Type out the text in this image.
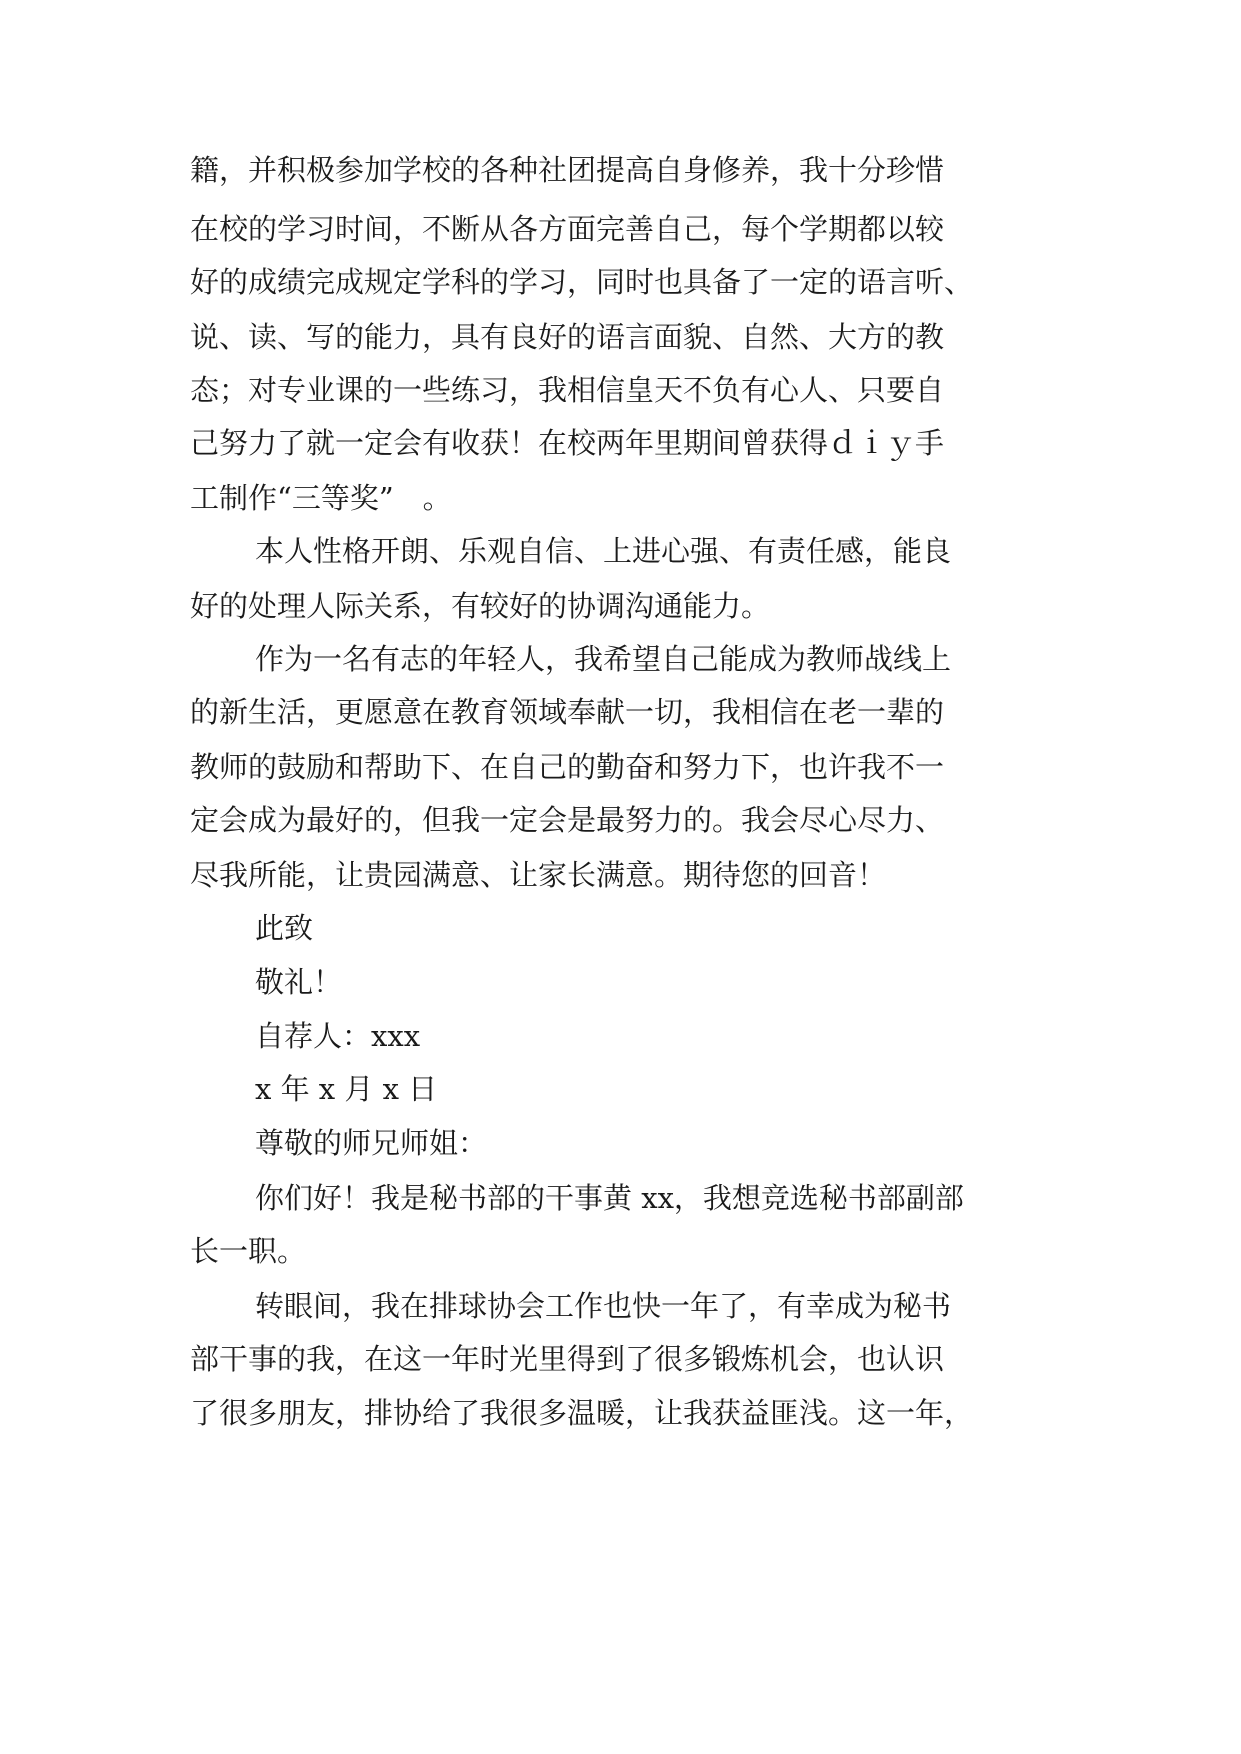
籍，并积极参加学校的各种社团提高自身修养，我十分珍惜
在校的学习时间，不断从各方面完善自己，每个学期都以较
好的成绩完成规定学科的学习，同时也具备了一定的语言听、
说、读、写的能力，具有良好的语言面貌、自然、大方的教
态；对专业课的一些练习，我相信皇天不负有心人、只要自
己努力了就一定会有收获！在校两年里期间曾获得ｄｉｙ手
工制作“三等奖”　。
本人性格开朗、乐观自信、上进心强、有责任感，能良
好的处理人际关系，有较好的协调沟通能力。
作为一名有志的年轻人，我希望自己能成为教师战线上
的新生活，更愿意在教育领域奉献一切，我相信在老一辈的
教师的鼓励和帮助下、在自己的勤奋和努力下，也许我不一
定会成为最好的，但我一定会是最努力的。我会尽心尽力、
尽我所能，让贵园满意、让家长满意。期待您的回音！
此致
敬礼！
自荐人：xxx
x 年 x 月 x 日
尊敬的师兄师姐：
你们好！我是秘书部的干事黄 xx，我想竞选秘书部副部
长一职。
转眼间，我在排球协会工作也快一年了，有幸成为秘书
部干事的我，在这一年时光里得到了很多锻炼机会，也认识
了很多朋友，排协给了我很多温暖，让我获益匪浅。这一年，
